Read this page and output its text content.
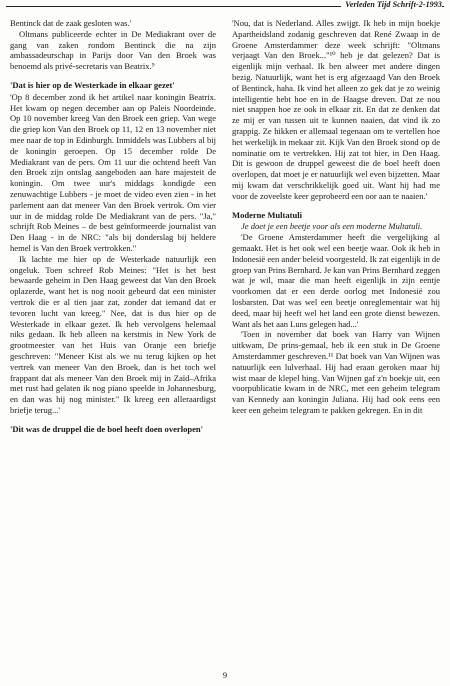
Verleden Tijd Schrift-2-1993

Bentinck dat de zaak gesloten was.'

Oltmans publiceerde echter in De Mediakrant over de gang van zaken rondom Bentinck die na zijn ambassadeurschap in Parijs door Van den Broek was benoemd als privé-secretaris van Beatrix.⁹

'Dat is hier op de Westerkade in elkaar gezet'

'Op 8 december zond ik het artikel naar koningin Beatrix. Het kwam op negen december aan op Paleis Noordeinde. Op 10 november kreeg Van den Broek een griep. Van wege die griep kon Van den Broek op 11, 12 en 13 november niet mee naar de top in Edinburgh. Inmiddels was Lubbers al bij de koningin geroepen. Op 15 december rolde De Mediakrant van de pers. Om 11 uur die ochtend heeft Van den Broek zijn ontslag aangeboden aan hare majesteit de koningin. Om twee uur's middags kondigde een zenuwachtige Lubbers - je moet de video even zien - in het parlement aan dat meneer Van den Broek vertrok. Om vier uur in de middag rolde De Mediakrant van de pers. "Ja," schrijft Rob Meines – de best geïnformeerde journalist van Den Haag - in de NRC: "als bij donderslag bij heldere hemel is Van den Broek vertrokken."

Ik lachte me hier op de Westerkade natuurlijk een ongeluk. Toen schreef Rob Meines: "Het is het best bewaarde geheim in Den Haag geweest dat Van den Broek oplazerde, want het is nog nooit gebeurd dat een minister vertrok die er al tien jaar zat, zonder dat iemand dat er tevoren lucht van kreeg." Nee, dat is dus hier op de Westerkade in elkaar gezet. Ik heb vervolgens helemaal niks gedaan. Ik heb alleen na kerstmis in New York de grootmeester van het Huis van Oranje een briefje geschreven: "Meneer Kist als we nu terug kijken op het vertrek van meneer Van den Broek, dan is het toch wel frappant dat als meneer Van den Broek mij in Zaïd–Afrika met rust had gelaten ik nog piano speelde in Johannesburg, en dan was hij nog minister." Ik kreeg een alleraardigst briefje terug...'

'Dit was de druppel die de boel heeft doen overlopen'

'Nou, dat is Nederland. Alles zwijgt. Ik heb in mijn boekje Apartheidsland zodanig geschreven dat René Zwaap in de Groene Amsterdammer deze week schrijft: "Oltmans verjaagt Van den Broek..."¹⁰ heb je dat gelezen? Dat is eigenlijk mijn verhaal. Ik ben alweer met andere dingen bezig. Natuurlijk, want het is erg afgezaagd Van den Broek of Bentinck, haha. Ik vind het alleen zo gek dat je zo weinig intelligentie hebt hoe en in de Haagse dreven. Dat ze nou niet snappen hoe ze ook in elkaar zit. En dat ze denken dat ze mij er van tussen uit te kunnen naaien, dat vind ik zo grappig. Ze hikken er allemaal tegenaan om te vertellen hoe het werkelijk in mekaar zit. Kijk Van den Broek stond op de nominatie om te vertrekken. Hij zat tot hier, in Den Haag. Dit is gewoon de druppel geweest die de boel heeft doen overlopen, dat moet je er natuurlijk wel even bijzetten. Maar mij kwam dat verschrikkelijk goed uit. Want hij had me voor de zoveelste keer geprobeerd een oor aan te naaien.'

Moderne Multatuli

Je doet je een beetje voor als een moderne Multatuli.

'De Groene Amsterdammer heeft die vergelijking al gemaakt. Het is het ook wel een beetje waar. Ook ik heb in Indonesië een ander beleid voorgesteld. Ik zat eigenlijk in de groep van Prins Bernhard. Je kan van Prins Bernhard zeggen wat je wil, maar die man heeft eigenlijk in zijn eentje voorkomen dat er een derde oorlog met Indonesië zou losbarsten. Dat was wel een beetje onreglementair wat hij deed, maar hij heeft wel het land een grote dienst bewezen. Want als het aan Luns gelegen had...'

'Toen in november dat boek van Harry van Wijnen uitkwam, De prins-gemaal, heb ik een stuk in De Groene Amsterdammer geschreven.¹¹ Dat boek van Van Wijnen was natuurlijk een lulverhaal. Hij had eraan geroken maar hij wist maar de klepel hing. Van Wijnen gaf z'n boekje uit, een voorpublicatie kwam in de NRC, met een geheim telegram van Kennedy aan koningin Juliana. Hij had ook eens een keer een geheim telegram te pakken gekregen. En in dit

9
